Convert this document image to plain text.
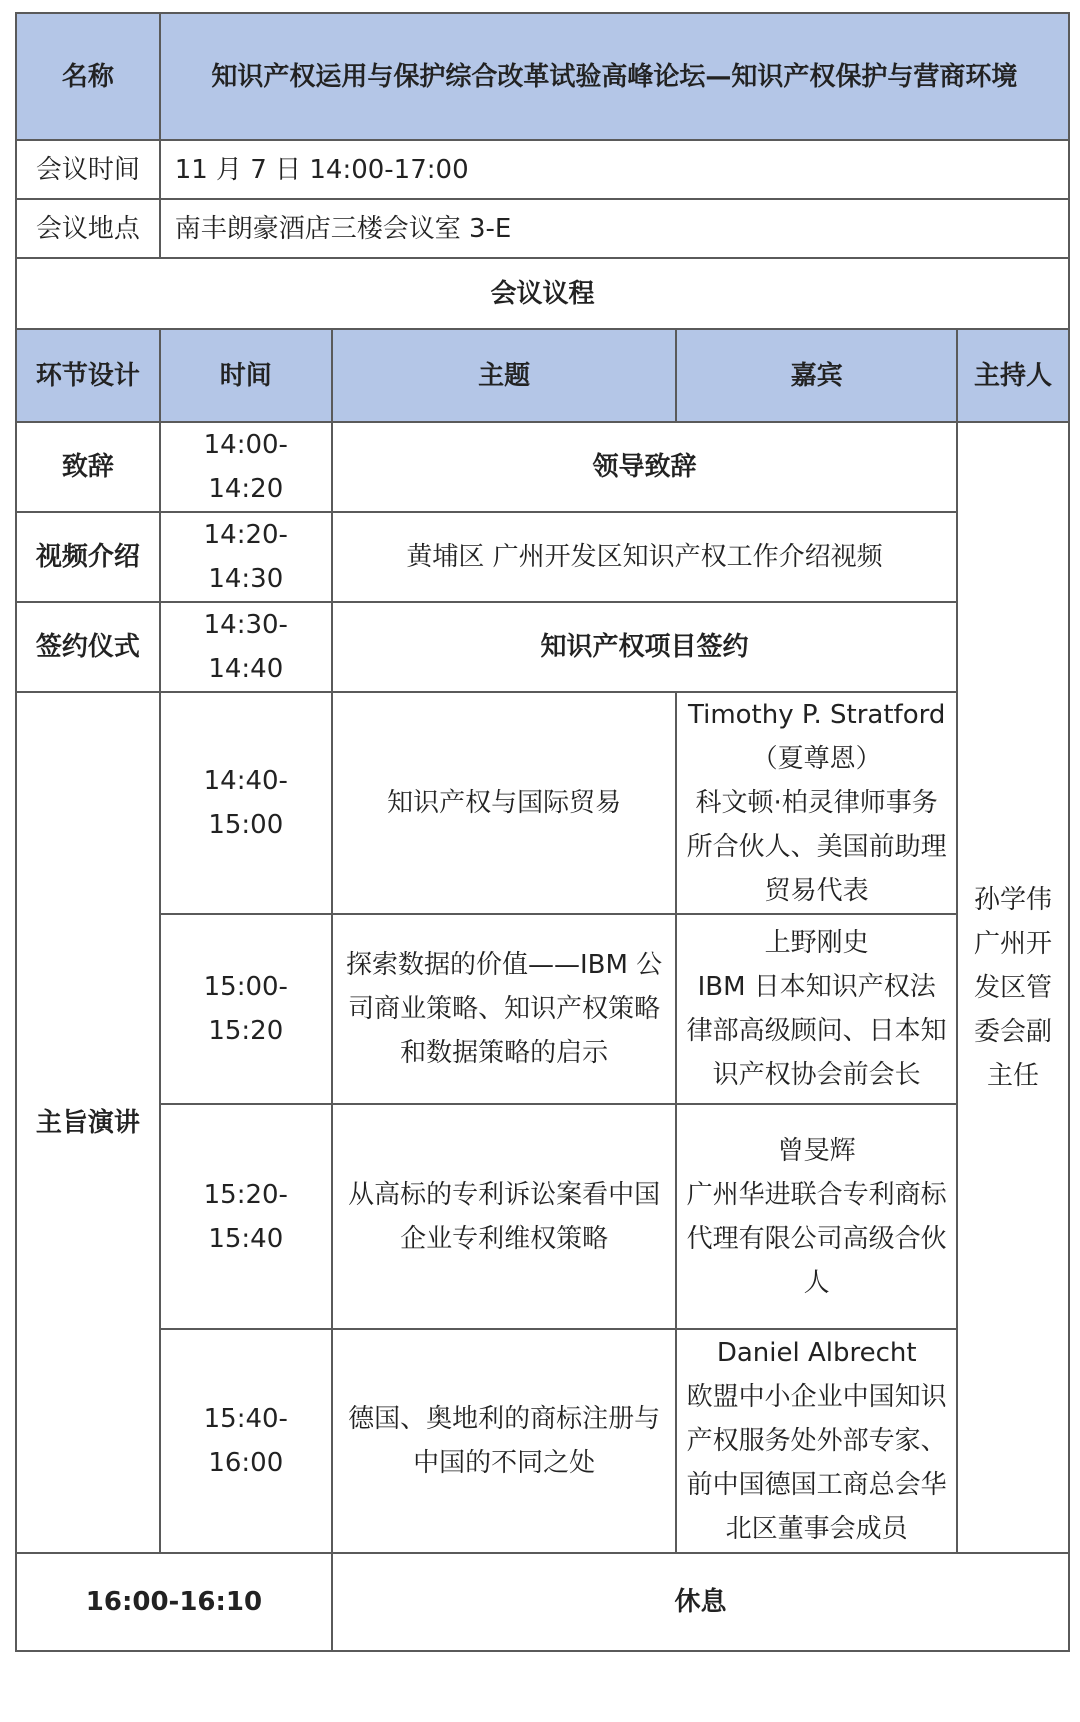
名称	知识产权运用与保护综合改革试验高峰论坛—知识产权保护与营商环境			
会议时间	11 月 7 日 14:00-17:00			
会议地点	南丰朗豪酒店三楼会议室 3-E			
会议议程				
环节设计	时间	主题	嘉宾	主持人
致辞	14:00-14:20	领导致辞		孙学伟
广州开发区管委会副主任

视频介绍	14:20-14:30	黄埔区 广州开发区知识产权工作介绍视频		
签约仪式	14:30-14:40	知识产权项目签约		
主旨演讲	14:40-15:00	知识产权与国际贸易	Timothy P. Stratford
（夏尊恩）
科文顿·柏灵律师事务所合伙人、美国前助理贸易代表	

	15:00-15:20	探索数据的价值——IBM 公司商业策略、知识产权策略和数据策略的启示	上野刚史
IBM 日本知识产权法律部高级顾问、日本知识产权协会前会长	

	15:20-15:40	从高标的专利诉讼案看中国企业专利维权策略	曾旻辉
广州华进联合专利商标代理有限公司高级合伙人	

	15:40-16:00	德国、奥地利的商标注册与中国的不同之处	Daniel Albrecht
欧盟中小企业中国知识产权服务处外部专家、前中国德国工商总会华北区董事会成员	

16:00-16:10		休息		
